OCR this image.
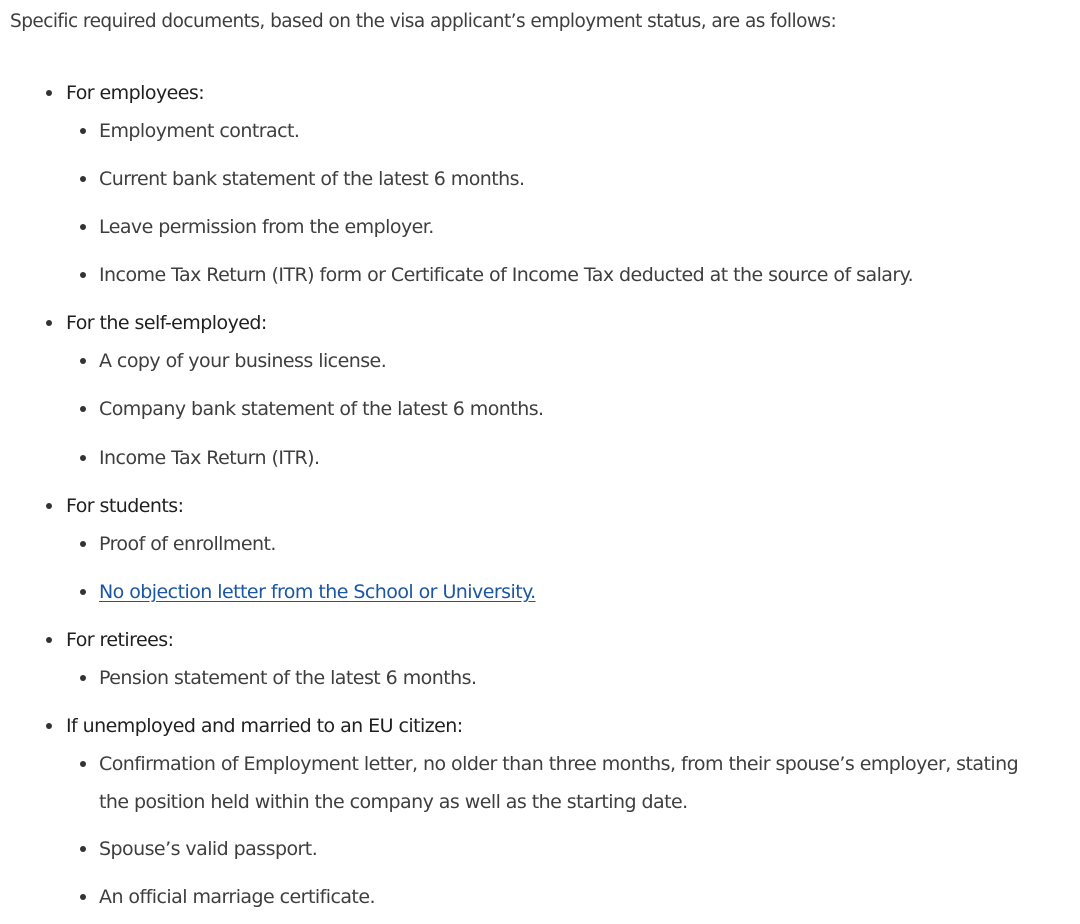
Specific required documents, based on the visa applicant’s employment status, are as follows:

For employees:
Employment contract.
Current bank statement of the latest 6 months.
Leave permission from the employer.
Income Tax Return (ITR) form or Certificate of Income Tax deducted at the source of salary.
For the self-employed:
A copy of your business license.
Company bank statement of the latest 6 months.
Income Tax Return (ITR).
For students:
Proof of enrollment.
No objection letter from the School or University.
For retirees:
Pension statement of the latest 6 months.
If unemployed and married to an EU citizen:
Confirmation of Employment letter, no older than three months, from their spouse’s employer, stating
the position held within the company as well as the starting date.
Spouse’s valid passport.
An official marriage certificate.
